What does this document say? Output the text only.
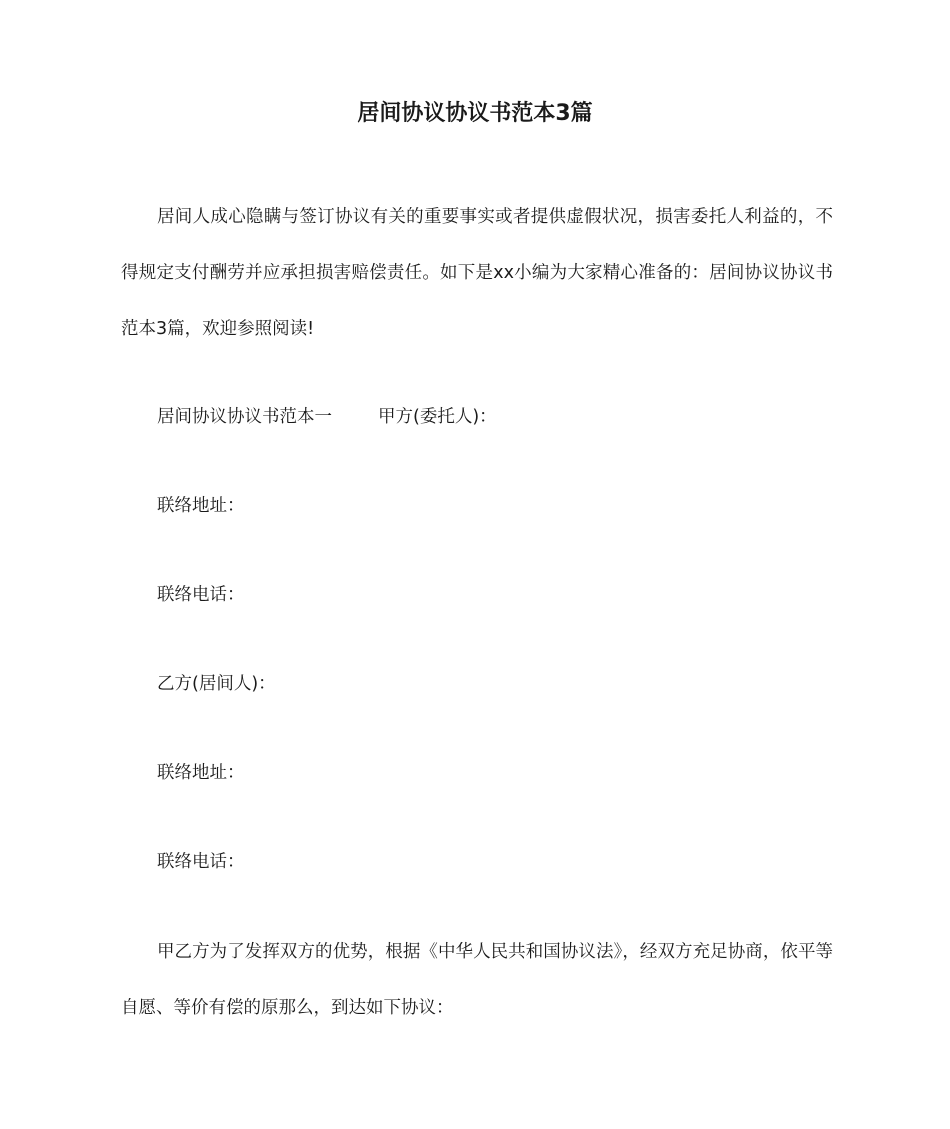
居间协议协议书范本3篇

居间人成心隐瞒与签订协议有关的重要事实或者提供虚假状况，损害委托人利益的，不得规定支付酬劳并应承担损害赔偿责任。如下是xx小编为大家精心准备的：居间协议协议书范本3篇，欢迎参照阅读!

居间协议协议书范本一	甲方(委托人)：

联络地址：

联络电话：

乙方(居间人)：

联络地址：

联络电话：

甲乙方为了发挥双方的优势，根据《中华人民共和国协议法》，经双方充足协商，依平等自愿、等价有偿的原那么，到达如下协议：
